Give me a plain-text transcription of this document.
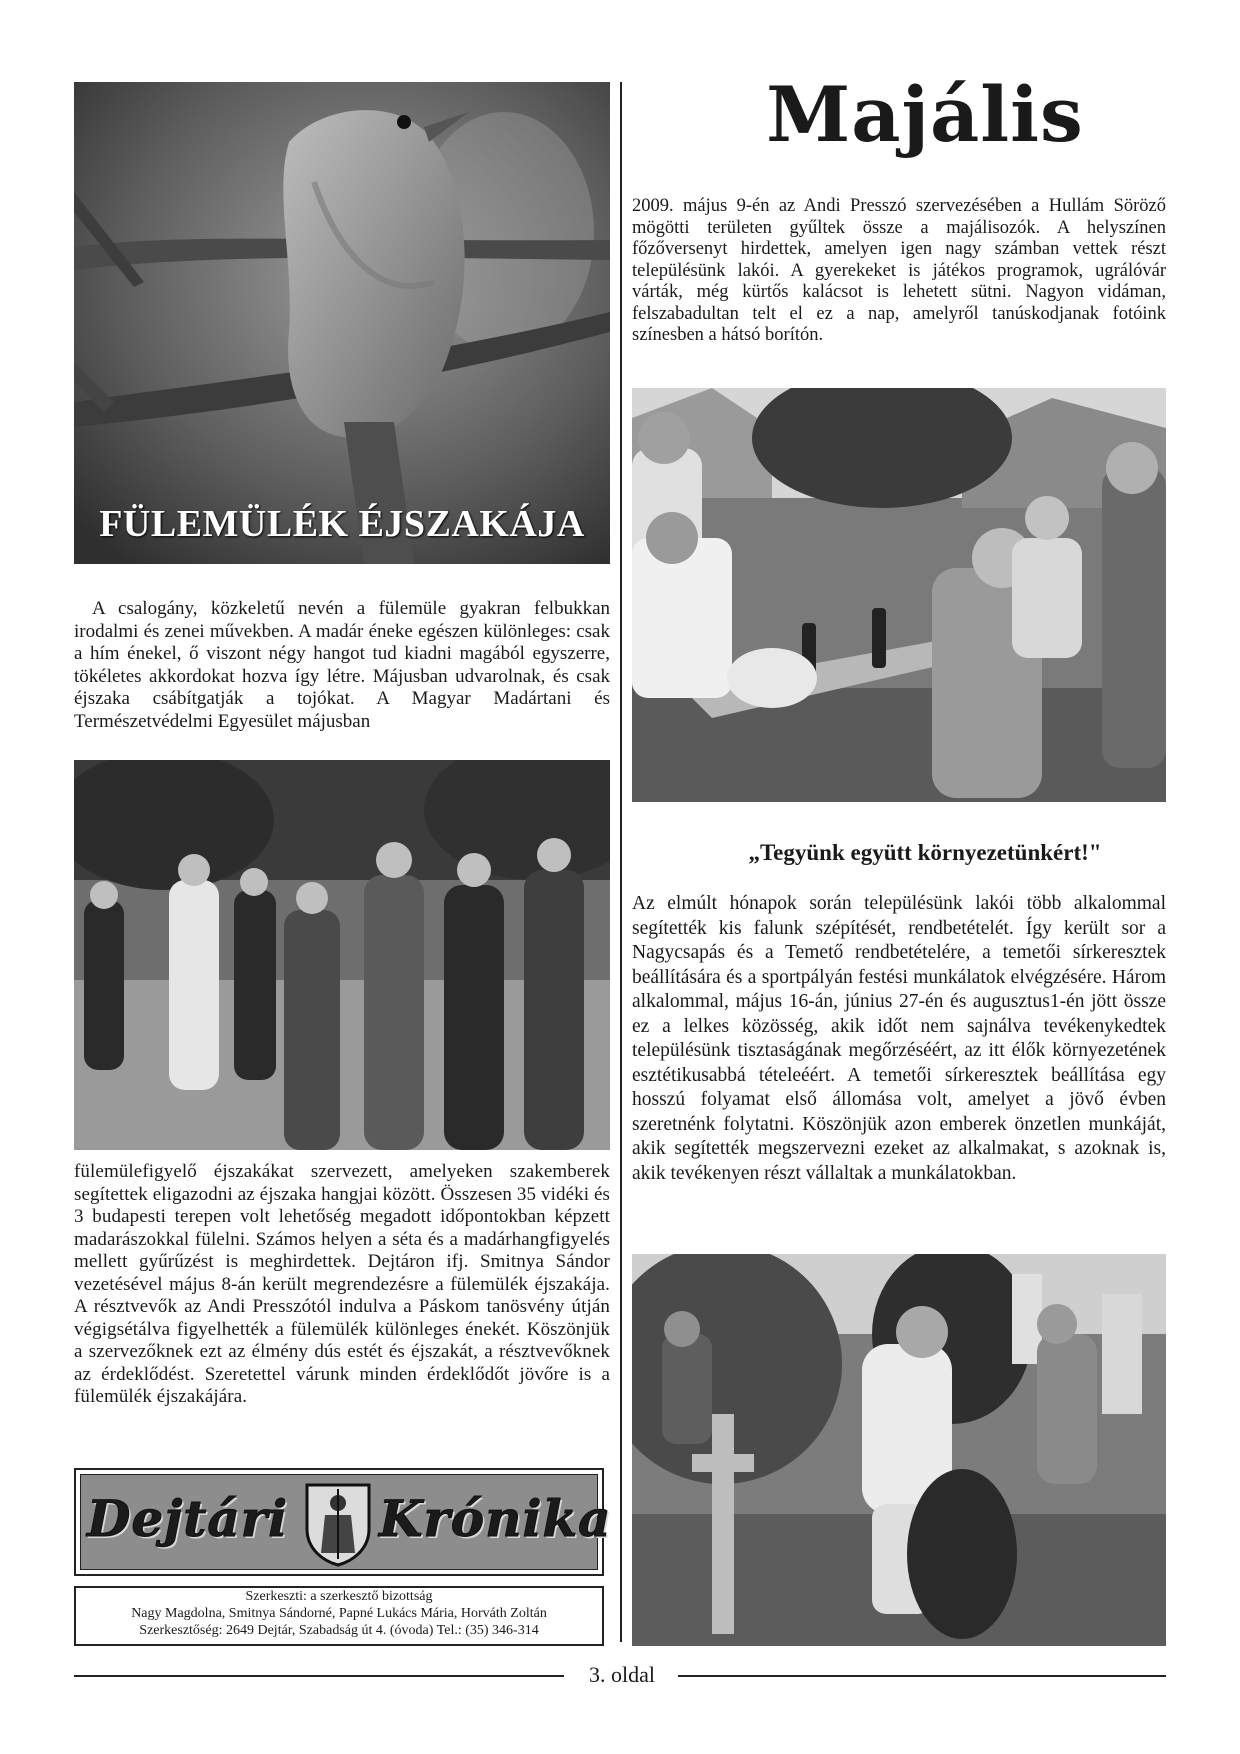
FÜLEMÜLÉK ÉJSZAKÁJA

A csalogány, közkeletű nevén a fülemüle gyakran felbukkan irodalmi és zenei művekben. A madár éneke egészen különleges: csak a hím énekel, ő viszont négy hangot tud kiadni magából egyszerre, tökéletes akkordokat hozva így létre. Májusban udvarolnak, és csak éjszaka csábítgatják a tojókat. A Magyar Madártani és Természetvédelmi Egyesület májusban

fülemülefigyelő éjszakákat szervezett, amelyeken szakemberek segítettek eligazodni az éjszaka hangjai között. Összesen 35 vidéki és 3 budapesti terepen volt lehetőség megadott időpontokban képzett madarászokkal fülelni. Számos helyen a séta és a madárhangfigyelés mellett gyűrűzést is meghirdettek. Dejtáron ifj. Smitnya Sándor vezetésével május 8-án került megrendezésre a fülemülék éjszakája. A résztvevők az Andi Presszótól indulva a Páskom tanösvény útján végigsétálva figyelhették a fülemülék különleges énekét. Köszönjük a szervezőknek ezt az élmény dús estét és éjszakát, a résztvevőknek az érdeklődést. Szeretettel várunk minden érdeklődőt jövőre is a fülemülék éjszakájára.

Dejtári Krónika
Szerkeszti: a szerkesztő bizottság
Nagy Magdolna, Smitnya Sándorné, Papné Lukács Mária, Horváth Zoltán
Szerkesztőség: 2649 Dejtár, Szabadság út 4. (óvoda) Tel.: (35) 346-314
Majális

2009. május 9-én az Andi Presszó szervezésében a Hullám Söröző mögötti területen gyűltek össze a majálisozók. A helyszínen főzőversenyt hirdettek, amelyen igen nagy számban vettek részt településünk lakói. A gyerekeket is játékos programok, ugrálóvár várták, még kürtős kalácsot is lehetett sütni. Nagyon vidáman, felszabadultan telt el ez a nap, amelyről tanúskodjanak fotóink színesben a hátsó borítón.

„Tegyünk együtt környezetünkért!"

Az elmúlt hónapok során településünk lakói több alkalommal segítették kis falunk szépítését, rendbetételét. Így került sor a Nagycsapás és a Temető rendbetételére, a temetői sírkeresztek beállítására és a sportpályán festési munkálatok elvégzésére. Három alkalommal, május 16-án, június 27-én és augusztus1-én jött össze ez a lelkes közösség, akik időt nem sajnálva tevékenykedtek településünk tisztaságának megőrzéséért, az itt élők környezetének esztétikusabbá tételeéért. A temetői sírkeresztek beállítása egy hosszú folyamat első állomása volt, amelyet a jövő évben szeretnénk folytatni. Köszönjük azon emberek önzetlen munkáját, akik segítették megszervezni ezeket az alkalmakat, s azoknak is, akik tevékenyen részt vállaltak a munkálatokban.

3. oldal
